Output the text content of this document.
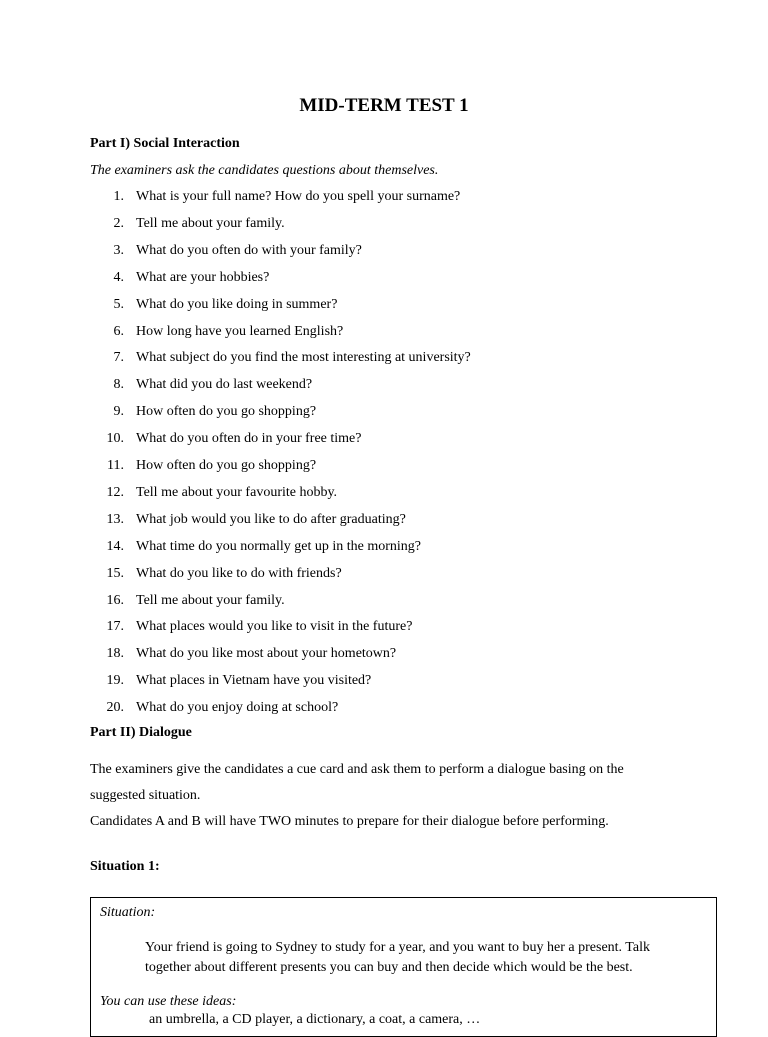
MID-TERM TEST 1
Part I) Social Interaction
The examiners ask the candidates questions about themselves.
1. What is your full name? How do you spell your surname?
2. Tell me about your family.
3. What do you often do with your family?
4. What are your hobbies?
5. What do you like doing in summer?
6. How long have you learned English?
7. What subject do you find the most interesting at university?
8. What did you do last weekend?
9. How often do you go shopping?
10. What do you often do in your free time?
11. How often do you go shopping?
12. Tell me about your favourite hobby.
13. What job would you like to do after graduating?
14. What time do you normally get up in the morning?
15. What do you like to do with friends?
16. Tell me about your family.
17. What places would you like to visit in the future?
18. What do you like most about your hometown?
19. What places in Vietnam have you visited?
20. What do you enjoy doing at school?
Part II) Dialogue
The examiners give the candidates a cue card and ask them to perform a dialogue basing on the
suggested situation.
Candidates A and B will have TWO minutes to prepare for their dialogue before performing.
Situation 1:
Situation:
Your friend is going to Sydney to study for a year, and you want to buy her a present. Talk
together about different presents you can buy and then decide which would be the best.
You can use these ideas:
an umbrella, a CD player, a dictionary, a coat, a camera, …
